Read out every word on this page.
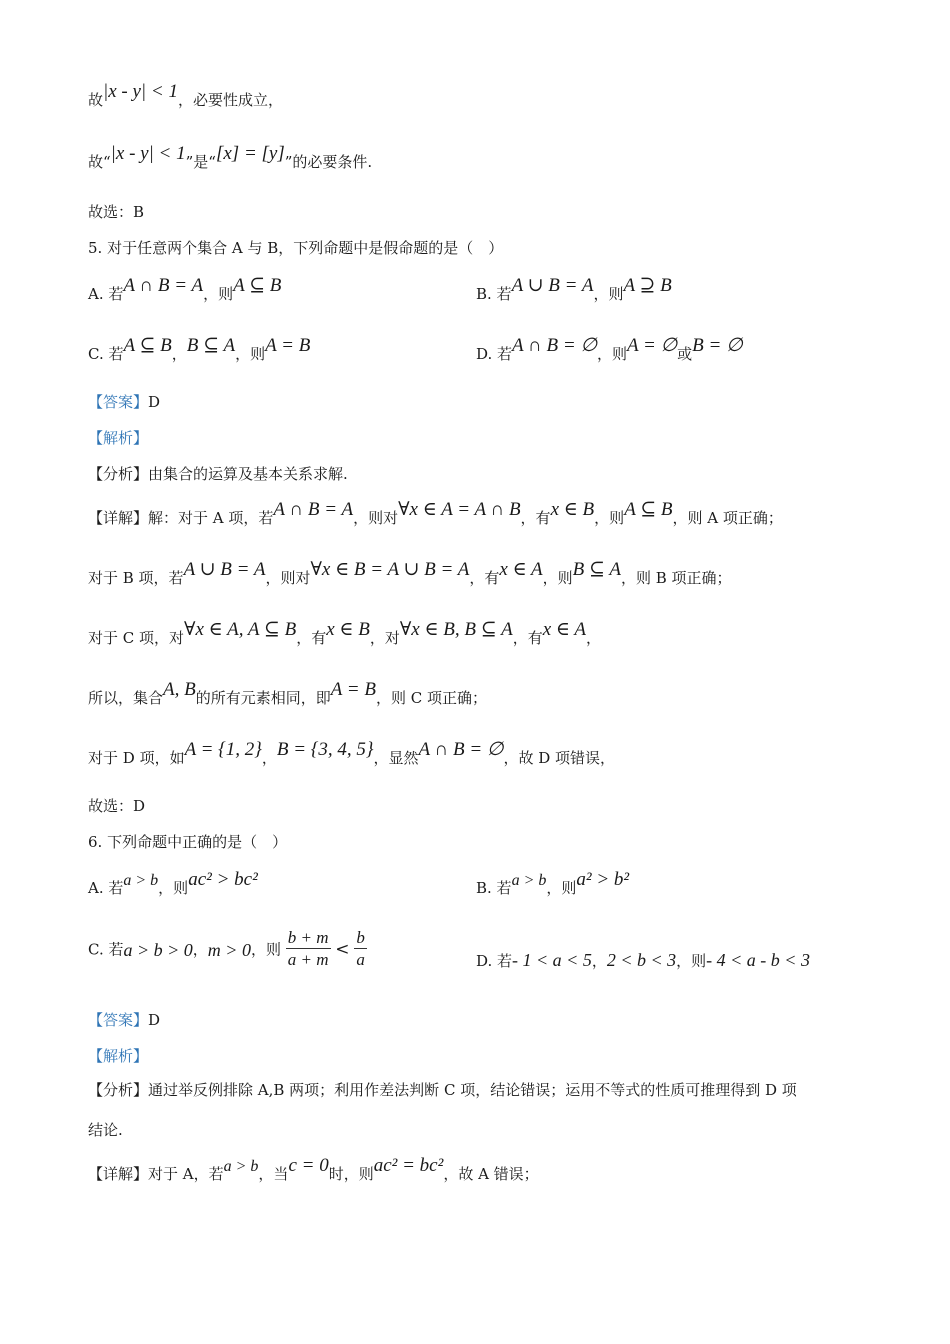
故|x - y| < 1，必要性成立，
故“|x - y| < 1”是“[x] = [y]”的必要条件.
故选：B
5. 对于任意两个集合 A 与 B，下列命题中是假命题的是（　）
A. 若A ∩ B = A，则A ⊆ B	B. 若A ∪ B = A，则A ⊇ B
C. 若A ⊆ B，B ⊆ A，则A = B	D. 若A ∩ B = ∅，则A = ∅或B = ∅
【答案】D
【解析】
【分析】由集合的运算及基本关系求解.
【详解】解：对于 A 项，若A ∩ B = A，则对∀x ∈ A = A ∩ B，有x ∈ B，则A ⊆ B，则 A 项正确；
对于 B 项，若A ∪ B = A，则对∀x ∈ B = A ∪ B = A，有x ∈ A，则B ⊆ A，则 B 项正确；
对于 C 项，对∀x ∈ A, A ⊆ B，有x ∈ B，对∀x ∈ B, B ⊆ A，有x ∈ A，
所以，集合A, B的所有元素相同，即A = B，则 C 项正确；
对于 D 项，如A = {1, 2}，B = {3, 4, 5}，显然A ∩ B = ∅，故 D 项错误，
故选：D
6. 下列命题中正确的是（　）
A. 若a > b，则ac² > bc²	B. 若a > b，则a² > b²
C. 若a > b > 0，m > 0，则 $\frac{b + m}{a + m} < \frac{b}{a}$	D. 若- 1 < a < 5，2 < b < 3，则- 4 < a - b < 3
【答案】D
【解析】
【分析】通过举反例排除 A,B 两项；利用作差法判断 C 项，结论错误；运用不等式的性质可推理得到 D 项
结论.
【详解】对于 A，若a > b，当c = 0时，则ac² = bc²，故 A 错误；
